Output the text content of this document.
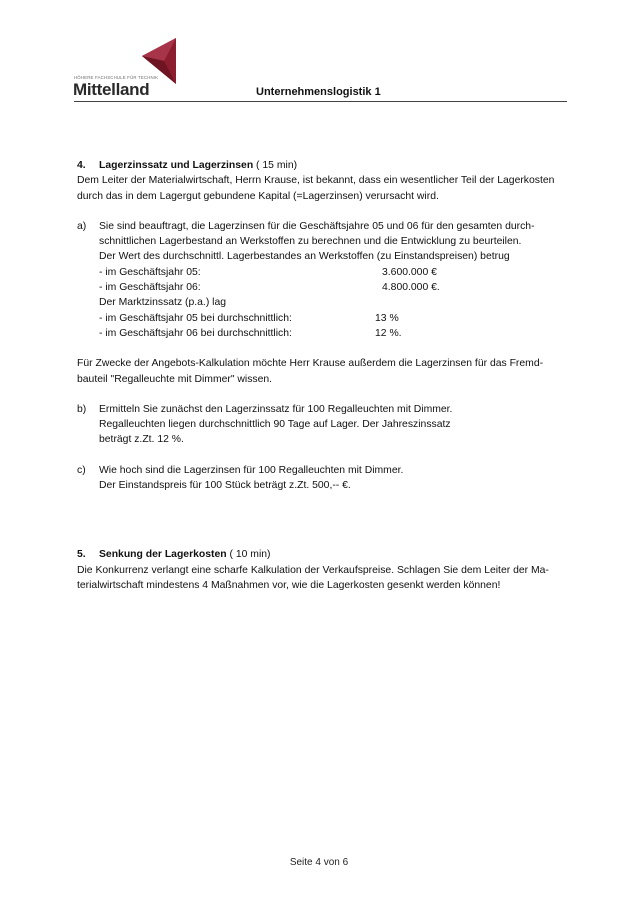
HÖHERE FACHSCHULE FÜR TECHNIK
Mittelland	Unternehmenslogistik 1

4. Lagerzinssatz und Lagerzinsen ( 15 min)

Dem Leiter der Materialwirtschaft, Herrn Krause, ist bekannt, dass ein wesentlicher Teil der Lagerkosten

durch das in dem Lagergut gebundene Kapital (=Lagerzinsen) verursacht wird.

a)	Sie sind beauftragt, die Lagerzinsen für die Geschäftsjahre 05 und 06 für den gesamten durch-

schnittlichen Lagerbestand an Werkstoffen zu berechnen und die Entwicklung zu beurteilen.

Der Wert des durchschnittl. Lagerbestandes an Werkstoffen (zu Einstandspreisen) betrug

- im Geschäftsjahr 05:	3.600.000 €
- im Geschäftsjahr 06:	4.800.000 €.

Der Marktzinssatz (p.a.) lag

- im Geschäftsjahr 05 bei durchschnittlich:	13 %
- im Geschäftsjahr 06 bei durchschnittlich:	12 %.

Für Zwecke der Angebots-Kalkulation möchte Herr Krause außerdem die Lagerzinsen für das Fremd-

bauteil "Regalleuchte mit Dimmer" wissen.

b)	Ermitteln Sie zunächst den Lagerzinssatz für 100 Regalleuchten mit Dimmer.

Regalleuchten liegen durchschnittlich 90 Tage auf Lager. Der Jahreszinssatz

beträgt z.Zt. 12 %.

c)	Wie hoch sind die Lagerzinsen für 100 Regalleuchten mit Dimmer.

Der Einstandspreis für 100 Stück beträgt z.Zt. 500,-- €.

5. Senkung der Lagerkosten ( 10 min)

Die Konkurrenz verlangt eine scharfe Kalkulation der Verkaufspreise. Schlagen Sie dem Leiter der Ma-

terialwirtschaft mindestens 4 Maßnahmen vor, wie die Lagerkosten gesenkt werden können!

Seite 4 von 6
